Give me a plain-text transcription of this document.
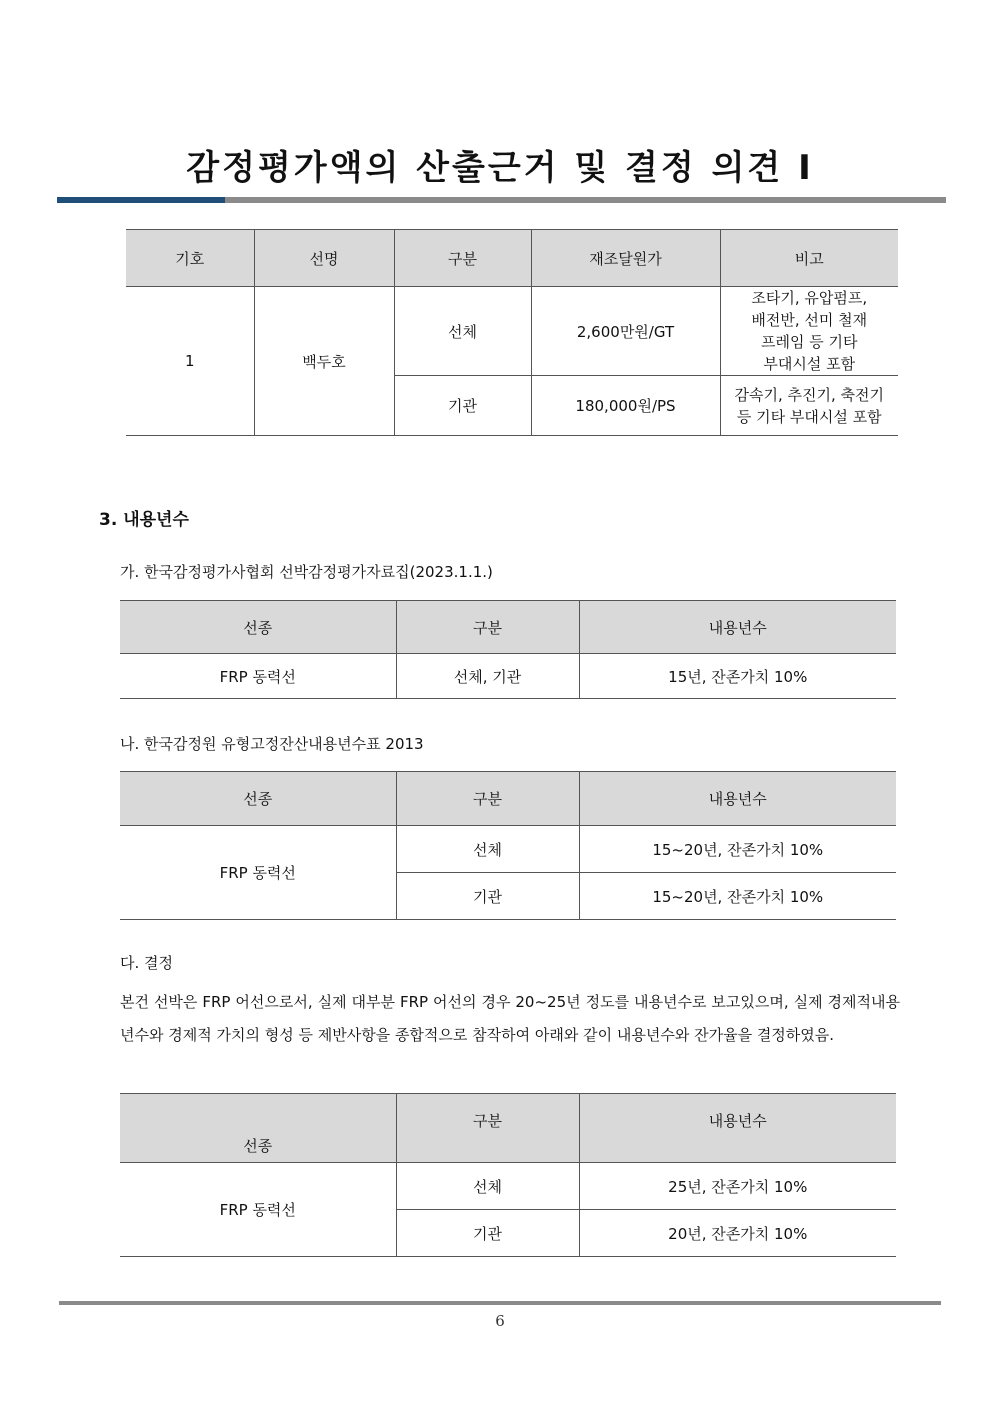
감정평가액의 산출근거 및 결정 의견 I
기호	선명	구분	재조달원가	비고
1	백두호	선체	2,600만원/GT	조타기, 유압펌프,
배전반, 선미 철재
프레임 등 기타
부대시설 포함

		기관	180,000원/PS	감속기, 추진기, 축전기
등 기타 부대시설 포함
3. 내용년수

가. 한국감정평가사협회 선박감정평가자료집(2023.1.1.)

선종	구분	내용년수
FRP 동력선	선체, 기관	15년, 잔존가치 10%

나. 한국감정원 유형고정잔산내용년수표 2013

선종	구분	내용년수
FRP 동력선	선체	15~20년, 잔존가치 10%
	기관	15~20년, 잔존가치 10%

다. 결정

본건 선박은 FRP 어선으로서, 실제 대부분 FRP 어선의 경우 20~25년 정도를 내용년수로 보고있으며, 실제 경제적내용년수와 경제적 가치의 형성 등 제반사항을 종합적으로 참작하여 아래와 같이 내용년수와 잔가율을 결정하였음.

선종	구분	내용년수
FRP 동력선	선체	25년, 잔존가치 10%
	기관	20년, 잔존가치 10%
6
